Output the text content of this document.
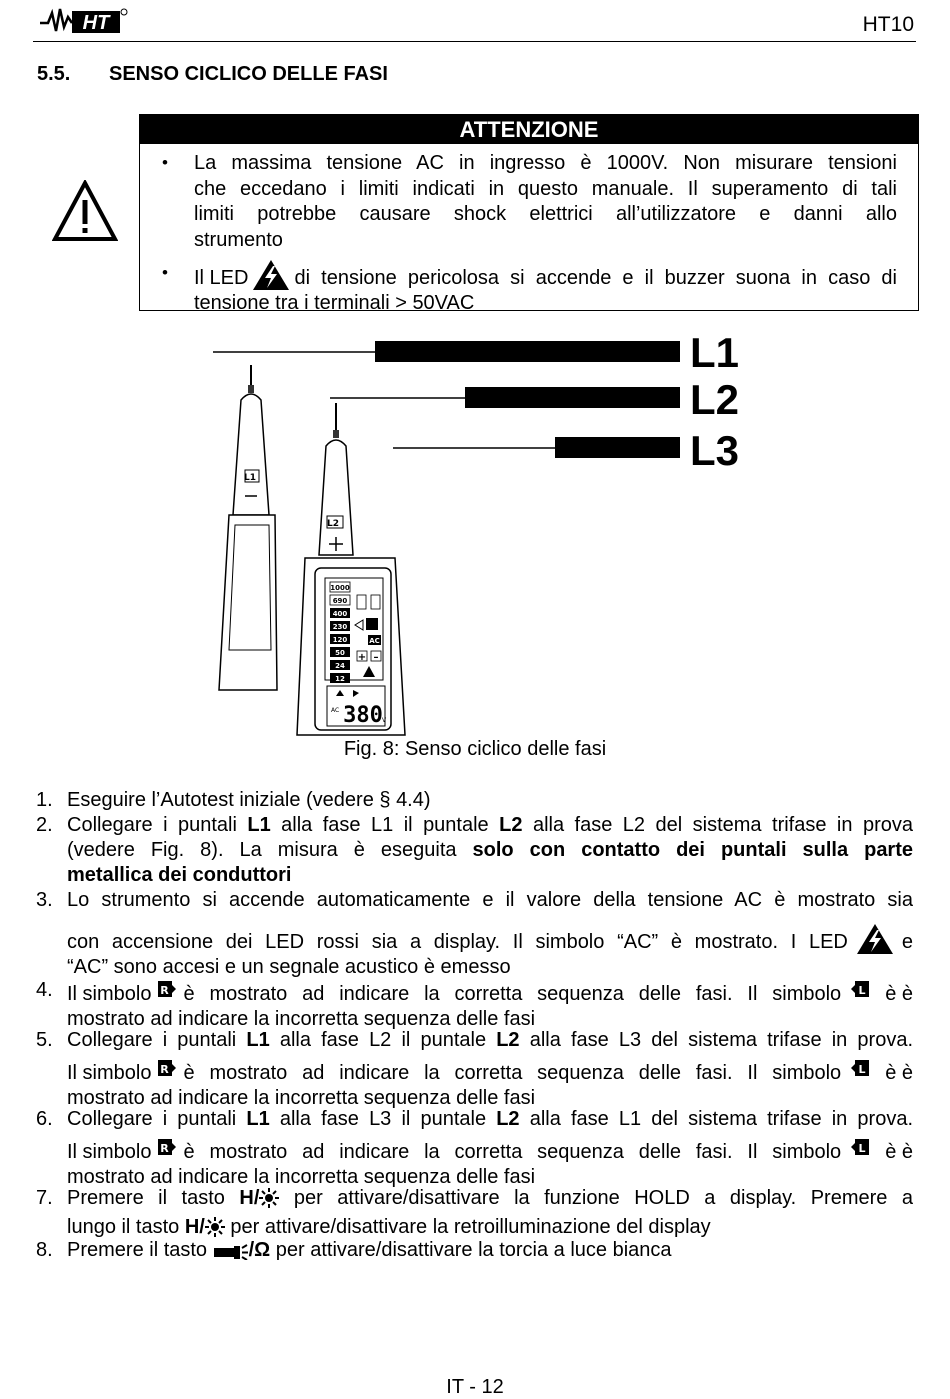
HT	HT10
5.5. SENSO CICLICO DELLE FASI
ATTENZIONE
• La massima tensione AC in ingresso è 1000V. Non misurare tensioni
che eccedano i limiti indicati in questo manuale. Il superamento di tali
limiti potrebbe causare shock elettrici all’utilizzatore e danni allo
strumento
• Il LED di tensione pericolosa si accende e il buzzer suona in caso di
tensione tra i terminali > 50VAC
1000
690
400
230
120
50
24
12
AC
+ –
AC 380 V
L1
L2
L1
L2
L3
Fig. 8: Senso ciclico delle fasi
1. Eseguire l’Autotest iniziale (vedere § 4.4)
2. Collegare i puntali L1 alla fase L1 il puntale L2 alla fase L2 del sistema trifase in prova
(vedere Fig. 8). La misura è eseguita solo con contatto dei puntali sulla parte
metallica dei conduttori
3. Lo strumento si accende automaticamente e il valore della tensione AC è mostrato sia
con accensione dei LED rossi sia a display. Il simbolo “AC” è mostrato. I LED	e
“AC” sono accesi e un segnale acustico è emesso
4. Il simbolo R è mostrato ad indicare la corretta sequenza delle fasi. Il simbolo L è è
mostrato ad indicare la incorretta sequenza delle fasi
5. Collegare i puntali L1 alla fase L2 il puntale L2 alla fase L3 del sistema trifase in prova.
Il simbolo R è mostrato ad indicare la corretta sequenza delle fasi. Il simbolo L è è
mostrato ad indicare la incorretta sequenza delle fasi
6. Collegare i puntali L1 alla fase L3 il puntale L2 alla fase L1 del sistema trifase in prova.
Il simbolo R è mostrato ad indicare la corretta sequenza delle fasi. Il simbolo L è è
mostrato ad indicare la incorretta sequenza delle fasi
7. Premere il tasto H/ per attivare/disattivare la funzione HOLD a display. Premere a
lungo il tasto H/ per attivare/disattivare la retroilluminazione del display
8. Premere il tasto /Ω per attivare/disattivare la torcia a luce bianca
IT - 12
